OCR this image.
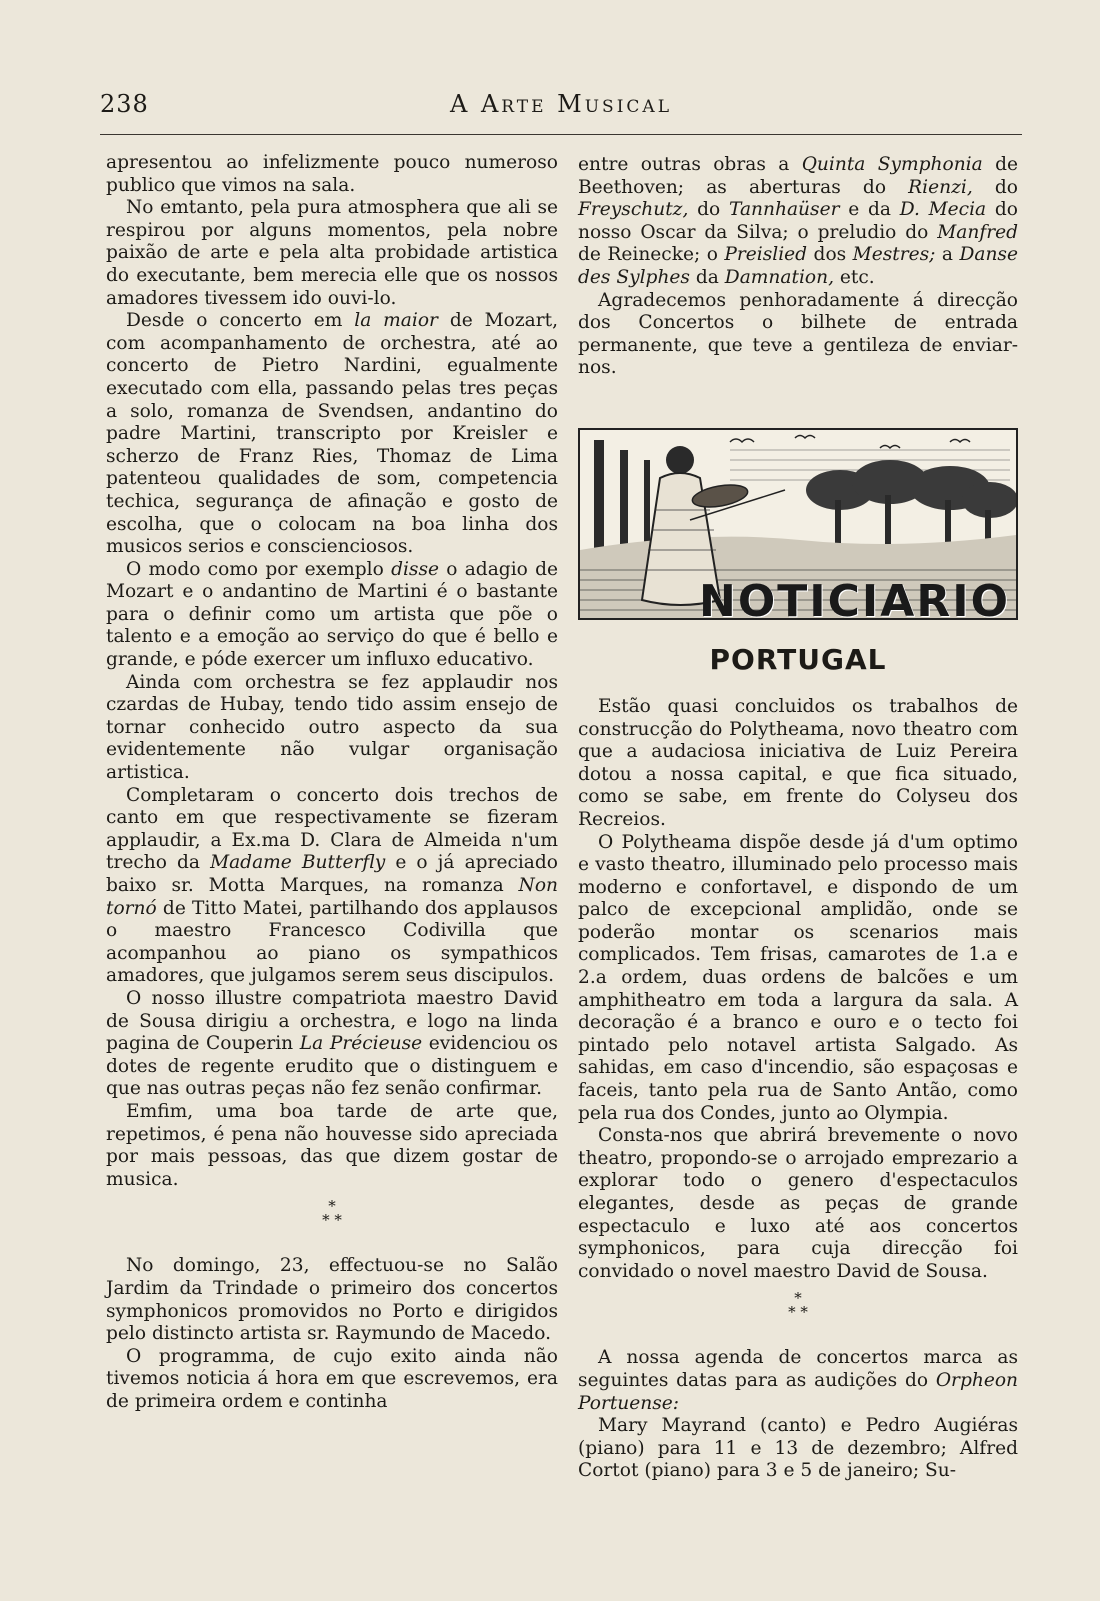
238	A Arte Musical

apresentou ao infelizmente pouco numeroso publico que vimos na sala.

No emtanto, pela pura atmosphera que ali se respirou por alguns momentos, pela nobre paixão de arte e pela alta probidade artistica do executante, bem merecia elle que os nossos amadores tivessem ido ouvi-lo.

Desde o concerto em la maior de Mozart, com acompanhamento de orchestra, até ao concerto de Pietro Nardini, egualmente executado com ella, passando pelas tres peças a solo, romanza de Svendsen, andantino do padre Martini, transcripto por Kreisler e scherzo de Franz Ries, Thomaz de Lima patenteou qualidades de som, competencia techica, segurança de afinação e gosto de escolha, que o colocam na boa linha dos musicos serios e conscienciosos.

O modo como por exemplo disse o adagio de Mozart e o andantino de Martini é o bastante para o definir como um artista que põe o talento e a emoção ao serviço do que é bello e grande, e póde exercer um influxo educativo.

Ainda com orchestra se fez applaudir nos czardas de Hubay, tendo tido assim ensejo de tornar conhecido outro aspecto da sua evidentemente não vulgar organisação artistica.

Completaram o concerto dois trechos de canto em que respectivamente se fizeram applaudir, a Ex.ma D. Clara de Almeida n'um trecho da Madame Butterfly e o já apreciado baixo sr. Motta Marques, na romanza Non tornó de Titto Matei, partilhando dos applausos o maestro Francesco Codivilla que acompanhou ao piano os sympathicos amadores, que julgamos serem seus discipulos.

O nosso illustre compatriota maestro David de Sousa dirigiu a orchestra, e logo na linda pagina de Couperin La Précieuse evidenciou os dotes de regente erudito que o distinguem e que nas outras peças não fez senão confirmar.

Emfim, uma boa tarde de arte que, repetimos, é pena não houvesse sido apreciada por mais pessoas, das que dizem gostar de musica.

*
* *

No domingo, 23, effectuou-se no Salão Jardim da Trindade o primeiro dos concertos symphonicos promovidos no Porto e dirigidos pelo distincto artista sr. Raymundo de Macedo.

O programma, de cujo exito ainda não tivemos noticia á hora em que escrevemos, era de primeira ordem e continha

entre outras obras a Quinta Symphonia de Beethoven; as aberturas do Rienzi, do Freyschutz, do Tannhaüser e da D. Mecia do nosso Oscar da Silva; o preludio do Manfred de Reinecke; o Preislied dos Mestres; a Danse des Sylphes da Damnation, etc.

Agradecemos penhoradamente á direcção dos Concertos o bilhete de entrada permanente, que teve a gentileza de enviar-nos.

NOTICIARIO
PORTUGAL

Estão quasi concluidos os trabalhos de construcção do Polytheama, novo theatro com que a audaciosa iniciativa de Luiz Pereira dotou a nossa capital, e que fica situado, como se sabe, em frente do Colyseu dos Recreios.

O Polytheama dispõe desde já d'um optimo e vasto theatro, illuminado pelo processo mais moderno e confortavel, e dispondo de um palco de excepcional amplidão, onde se poderão montar os scenarios mais complicados. Tem frisas, camarotes de 1.a e 2.a ordem, duas ordens de balcões e um amphitheatro em toda a largura da sala. A decoração é a branco e ouro e o tecto foi pintado pelo notavel artista Salgado. As sahidas, em caso d'incendio, são espaçosas e faceis, tanto pela rua de Santo Antão, como pela rua dos Condes, junto ao Olympia.

Consta-nos que abrirá brevemente o novo theatro, propondo-se o arrojado emprezario a explorar todo o genero d'espectaculos elegantes, desde as peças de grande espectaculo e luxo até aos concertos symphonicos, para cuja direcção foi convidado o novel maestro David de Sousa.

*
* *

A nossa agenda de concertos marca as seguintes datas para as audições do Orpheon Portuense:

Mary Mayrand (canto) e Pedro Augiéras (piano) para 11 e 13 de dezembro; Alfred Cortot (piano) para 3 e 5 de janeiro; Su-
